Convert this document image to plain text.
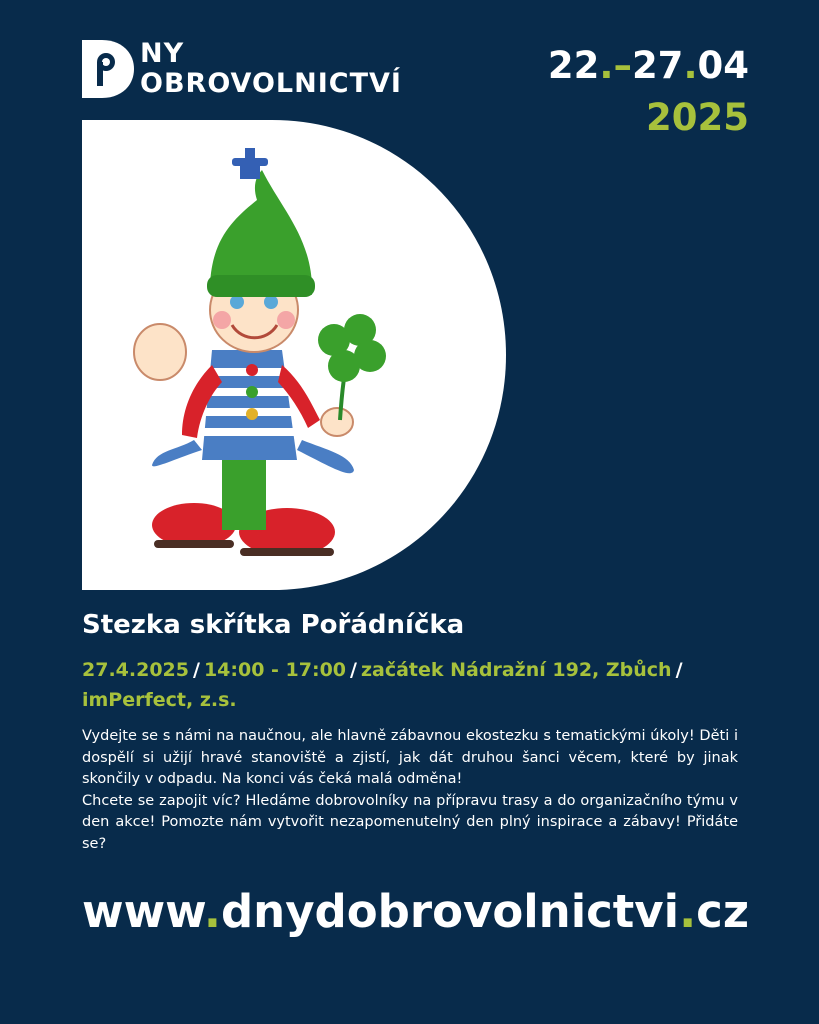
NY
OBROVOLNICTVÍ	22.–27.04
2025
Stezka skřítka Pořádníčka
27.4.2025 / 14:00 - 17:00 / začátek Nádražní 192, Zbůch /
imPerfect, z.s.
Vydejte se s námi na naučnou, ale hlavně zábavnou ekostezku s tematickými úkoly! Děti i dospělí si užijí hravé stanoviště a zjistí, jak dát druhou šanci věcem, které by jinak skončily v odpadu. Na konci vás čeká malá odměna!
Chcete se zapojit víc? Hledáme dobrovolníky na přípravu trasy a do organizačního týmu v den akce! Pomozte nám vytvořit nezapomenutelný den plný inspirace a zábavy! Přidáte se?
www.dnydobrovolnictvi.cz
